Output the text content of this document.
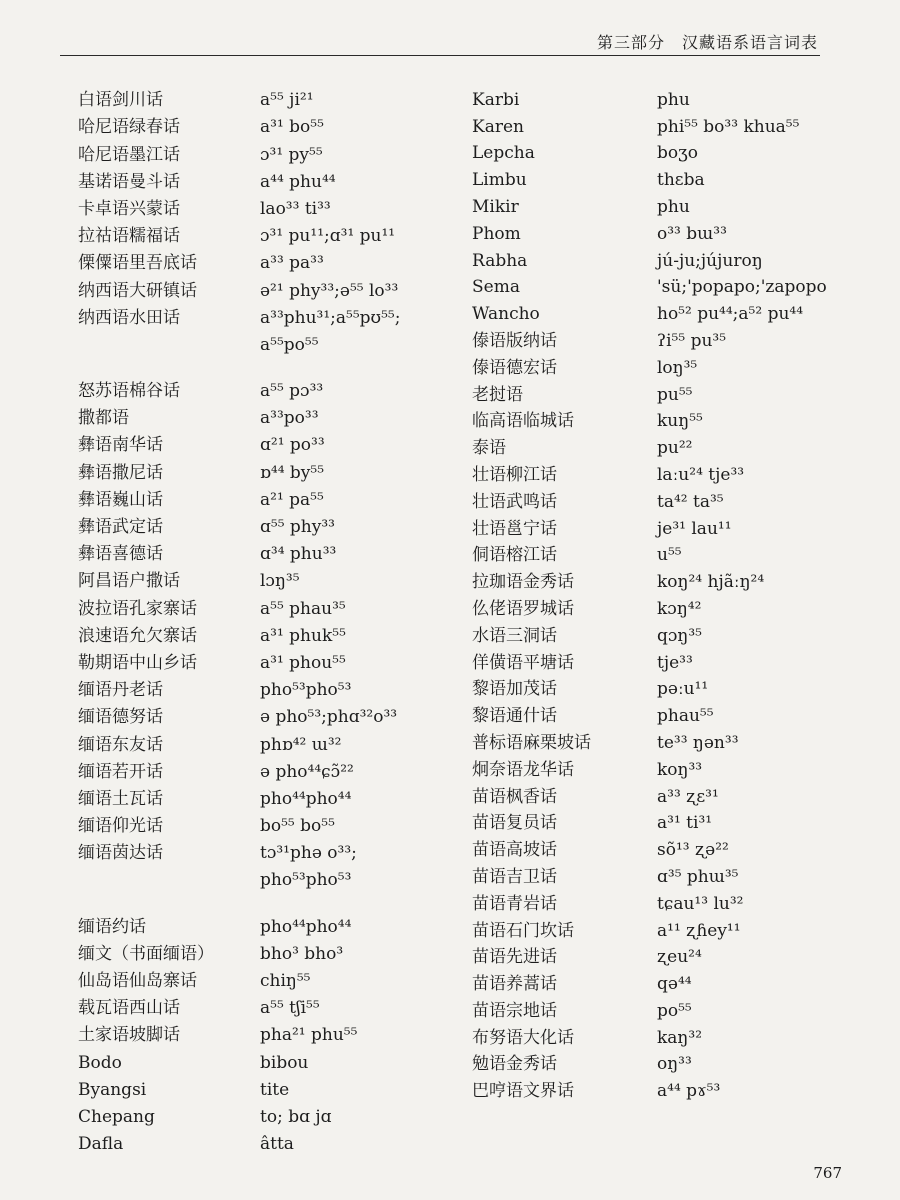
第三部分　汉藏语系语言词表
白语剑川话	a⁵⁵ ji²¹
哈尼语绿春话	a³¹ bo⁵⁵
哈尼语墨江话	ɔ³¹ py⁵⁵
基诺语曼斗话	a⁴⁴ phu⁴⁴
卡卓语兴蒙话	lao³³ ti³³
拉祜语糯福话	ɔ³¹ pu¹¹;ɑ³¹ pu¹¹
傈僳语里吾底话	a³³ pa³³
纳西语大研镇话	ə²¹ phy³³;ə⁵⁵ lo³³
纳西语水田话	a³³phu³¹;a⁵⁵pʊ⁵⁵;
a⁵⁵po⁵⁵
怒苏语棉谷话	a⁵⁵ pɔ³³
撒都语	a³³po³³
彝语南华话	ɑ²¹ po³³
彝语撒尼话	ɒ⁴⁴ by⁵⁵
彝语巍山话	a²¹ pa⁵⁵
彝语武定话	ɑ⁵⁵ phy³³
彝语喜德话	ɑ³⁴ phu³³
阿昌语户撒话	lɔŋ³⁵
波拉语孔家寨话	a⁵⁵ phau³⁵
浪速语允欠寨话	a³¹ phuk⁵⁵
勒期语中山乡话	a³¹ phou⁵⁵
缅语丹老话	pho⁵³pho⁵³
缅语德努话	ə pho⁵³;phɑ³²o³³
缅语东友话	phɒ⁴² ɯ³²
缅语若开话	ə pho⁴⁴ɕɔ̃²²
缅语土瓦话	pho⁴⁴pho⁴⁴
缅语仰光话	bo⁵⁵ bo⁵⁵
缅语茵达话	tɔ³¹phə o³³;
pho⁵³pho⁵³
缅语约话	pho⁴⁴pho⁴⁴
缅文（书面缅语）	bho³ bho³
仙岛语仙岛寨话	chiŋ⁵⁵
载瓦语西山话	a⁵⁵ tʃi⁵⁵
土家语坡脚话	pha²¹ phu⁵⁵
Bodo	bibou
Byangsi	tite
Chepang	to; bɑ jɑ
Dafla	âtta
Karbi	phu
Karen	phi⁵⁵ bo³³ khua⁵⁵
Lepcha	boʒo
Limbu	thɛba
Mikir	phu
Phom	o³³ bɯ³³
Rabha	jú-ju;jújuroŋ
Sema	'sü;'popapo;'zapopo
Wancho	ho⁵² pu⁴⁴;a⁵² pu⁴⁴
傣语版纳话	ʔi⁵⁵ pu³⁵
傣语德宏话	loŋ³⁵
老挝语	pu⁵⁵
临高语临城话	kuŋ⁵⁵
泰语	pu²²
壮语柳江话	laːu²⁴ tje³³
壮语武鸣话	ta⁴² ta³⁵
壮语邕宁话	je³¹ lau¹¹
侗语榕江话	u⁵⁵
拉珈语金秀话	koŋ²⁴ hjãːŋ²⁴
仫佬语罗城话	kɔŋ⁴²
水语三洞话	qɔŋ³⁵
佯僙语平塘话	tje³³
黎语加茂话	pəːu¹¹
黎语通什话	phau⁵⁵
普标语麻栗坡话	te³³ ŋən³³
炯奈语龙华话	koŋ³³
苗语枫香话	a³³ ʐɛ³¹
苗语复员话	a³¹ ti³¹
苗语高坡话	sõ¹³ ʐə²²
苗语吉卫话	ɑ³⁵ phɯ³⁵
苗语青岩话	tɕau¹³ lu³²
苗语石门坎话	a¹¹ ʐɦey¹¹
苗语先进话	ʐeu²⁴
苗语养蒿话	qə⁴⁴
苗语宗地话	po⁵⁵
布努语大化话	kaŋ³²
勉语金秀话	oŋ³³
巴哼语文界话	a⁴⁴ pɤ⁵³
767
